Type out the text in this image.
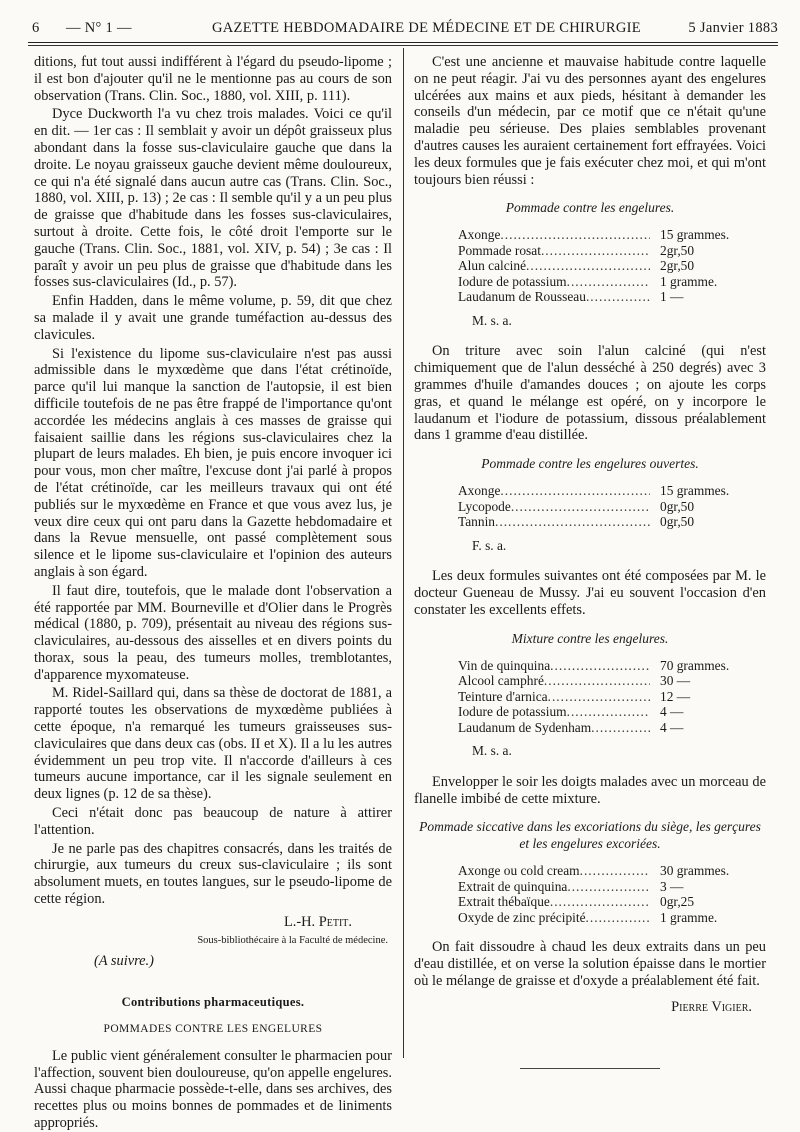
6 — N° 1 —	GAZETTE HEBDOMADAIRE DE MÉDECINE ET DE CHIRURGIE	5 Janvier 1883

ditions, fut tout aussi indifférent à l'égard du pseudo-lipome ; il est bon d'ajouter qu'il ne le mentionne pas au cours de son observation (Trans. Clin. Soc., 1880, vol. XIII, p. 111).

Dyce Duckworth l'a vu chez trois malades. Voici ce qu'il en dit. — 1er cas : Il semblait y avoir un dépôt graisseux plus abondant dans la fosse sus-claviculaire gauche que dans la droite. Le noyau graisseux gauche devient même douloureux, ce qui n'a été signalé dans aucun autre cas (Trans. Clin. Soc., 1880, vol. XIII, p. 13) ; 2e cas : Il semble qu'il y a un peu plus de graisse que d'habitude dans les fosses sus-claviculaires, surtout à droite. Cette fois, le côté droit l'emporte sur le gauche (Trans. Clin. Soc., 1881, vol. XIV, p. 54) ; 3e cas : Il paraît y avoir un peu plus de graisse que d'habitude dans les fosses sus-claviculaires (Id., p. 57).

Enfin Hadden, dans le même volume, p. 59, dit que chez sa malade il y avait une grande tuméfaction au-dessus des clavicules.

Si l'existence du lipome sus-claviculaire n'est pas aussi admissible dans le myxœdème que dans l'état crétinoïde, parce qu'il lui manque la sanction de l'autopsie, il est bien difficile toutefois de ne pas être frappé de l'importance qu'ont accordée les médecins anglais à ces masses de graisse qui faisaient saillie dans les régions sus-claviculaires chez la plupart de leurs malades. Eh bien, je puis encore invoquer ici pour vous, mon cher maître, l'excuse dont j'ai parlé à propos de l'état crétinoïde, car les meilleurs travaux qui ont été publiés sur le myxœdème en France et que vous avez lus, je veux dire ceux qui ont paru dans la Gazette hebdomadaire et dans la Revue mensuelle, ont passé complètement sous silence et le lipome sus-claviculaire et l'opinion des auteurs anglais à son égard.

Il faut dire, toutefois, que le malade dont l'observation a été rapportée par MM. Bourneville et d'Olier dans le Progrès médical (1880, p. 709), présentait au niveau des régions sus-claviculaires, au-dessous des aisselles et en divers points du thorax, sous la peau, des tumeurs molles, tremblotantes, d'apparence myxomateuse.

M. Ridel-Saillard qui, dans sa thèse de doctorat de 1881, a rapporté toutes les observations de myxœdème publiées à cette époque, n'a remarqué les tumeurs graisseuses sus-claviculaires que dans deux cas (obs. II et X). Il a lu les autres évidemment un peu trop vite. Il n'accorde d'ailleurs à ces tumeurs aucune importance, car il les signale seulement en deux lignes (p. 12 de sa thèse).

Ceci n'était donc pas beaucoup de nature à attirer l'attention.

Je ne parle pas des chapitres consacrés, dans les traités de chirurgie, aux tumeurs du creux sus-claviculaire ; ils sont absolument muets, en toutes langues, sur le pseudo-lipome de cette région.

L.-H. Petit.
Sous-bibliothécaire à la Faculté de médecine.
(A suivre.)
Contributions pharmaceutiques.
POMMADES CONTRE LES ENGELURES

Le public vient généralement consulter le pharmacien pour l'affection, souvent bien douloureuse, qu'on appelle engelures. Aussi chaque pharmacie possède-t-elle, dans ses archives, des recettes plus ou moins bonnes de pommades et de liniments appropriés.

C'est une ancienne et mauvaise habitude contre laquelle on ne peut réagir. J'ai vu des personnes ayant des engelures ulcérées aux mains et aux pieds, hésitant à demander les conseils d'un médecin, par ce motif que ce n'était qu'une maladie peu sérieuse. Des plaies semblables provenant d'autres causes les auraient certainement fort effrayées. Voici les deux formules que je fais exécuter chez moi, et qui m'ont toujours bien réussi :

Pommade contre les engelures.
Axonge .....	15 grammes.
Pommade rosat .....	2gr,50
Alun calciné .....	2gr,50
Iodure de potassium .....	1 gramme.
Laudanum de Rousseau .....	1 —
M. s. a.

On triture avec soin l'alun calciné (qui n'est chimiquement que de l'alun desséché à 250 degrés) avec 3 grammes d'huile d'amandes douces ; on ajoute les corps gras, et quand le mélange est opéré, on y incorpore le laudanum et l'iodure de potassium, dissous préalablement dans 1 gramme d'eau distillée.

Pommade contre les engelures ouvertes.
Axonge .....	15 grammes.
Lycopode .....	0gr,50
Tannin .....	0gr,50
F. s. a.

Les deux formules suivantes ont été composées par M. le docteur Gueneau de Mussy. J'ai eu souvent l'occasion d'en constater les excellents effets.

Mixture contre les engelures.
Vin de quinquina .....	70 grammes.
Alcool camphré .....	30 —
Teinture d'arnica .....	12 —
Iodure de potassium .....	4 —
Laudanum de Sydenham .....	4 —
M. s. a.

Envelopper le soir les doigts malades avec un morceau de flanelle imbibé de cette mixture.

Pommade siccative dans les excoriations du siège, les gerçures et les engelures excoriées.
Axonge ou cold cream .....	30 grammes.
Extrait de quinquina .....	3 —
Extrait thébaïque .....	0gr,25
Oxyde de zinc précipité .....	1 gramme.

On fait dissoudre à chaud les deux extraits dans un peu d'eau distillée, et on verse la solution épaisse dans le mortier où le mélange de graisse et d'oxyde a préalablement été fait.

Pierre Vigier.
